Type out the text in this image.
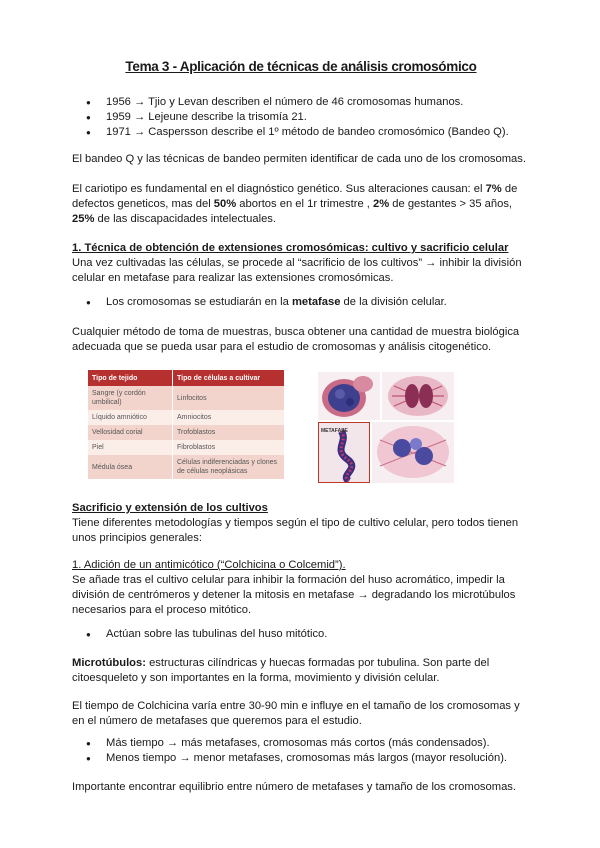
Tema 3 - Aplicación de técnicas de análisis cromosómico
● 1956 → Tjio y Levan describen el número de 46 cromosomas humanos.
● 1959 → Lejeune describe la trisomía 21.
● 1971 → Caspersson describe el 1º método de bandeo cromosómico (Bandeo Q).

El bandeo Q y las técnicas de bandeo permiten identificar de cada uno de los cromosomas.

El cariotipo es fundamental en el diagnóstico genético. Sus alteraciones causan: el 7% de defectos geneticos, mas del 50% abortos en el 1r trimestre , 2% de gestantes > 35 años, 25% de las discapacidades intelectuales.

1. Técnica de obtención de extensiones cromosómicas: cultivo y sacrificio celular

Una vez cultivadas las células, se procede al “sacrificio de los cultivos” → inhibir la división celular en metafase para realizar las extensiones cromosómicas.

● Los cromosomas se estudiarán en la metafase de la división celular.

Cualquier método de toma de muestras, busca obtener una cantidad de muestra biológica adecuada que se pueda usar para el estudio de cromosomas y análisis citogenético.

Tipo de tejido	Tipo de células a cultivar
Sangre (y cordón umbilical)	Linfocitos
Líquido amniótico	Amniocitos
Vellosidad corial	Trofoblastos
Piel	Fibroblastos
Médula ósea	Células indiferenciadas y clones de células neoplásicas
METAFASE

Sacrificio y extensión de los cultivos

Tiene diferentes metodologías y tiempos según el tipo de cultivo celular, pero todos tienen unos principios generales:

1. Adición de un antimicótico (“Colchicina o Colcemid”).

Se añade tras el cultivo celular para inhibir la formación del huso acromático, impedir la división de centrómeros y detener la mitosis en metafase → degradando los microtúbulos necesarios para el proceso mitótico.

● Actúan sobre las tubulinas del huso mitótico.

Microtúbulos: estructuras cilíndricas y huecas formadas por tubulina. Son parte del citoesqueleto y son importantes en la forma, movimiento y división celular.

El tiempo de Colchicina varía entre 30-90 min e influye en el tamaño de los cromosomas y en el número de metafases que queremos para el estudio.

● Más tiempo → más metafases, cromosomas más cortos (más condensados).
● Menos tiempo → menor metafases, cromosomas más largos (mayor resolución).

Importante encontrar equilibrio entre número de metafases y tamaño de los cromosomas.
